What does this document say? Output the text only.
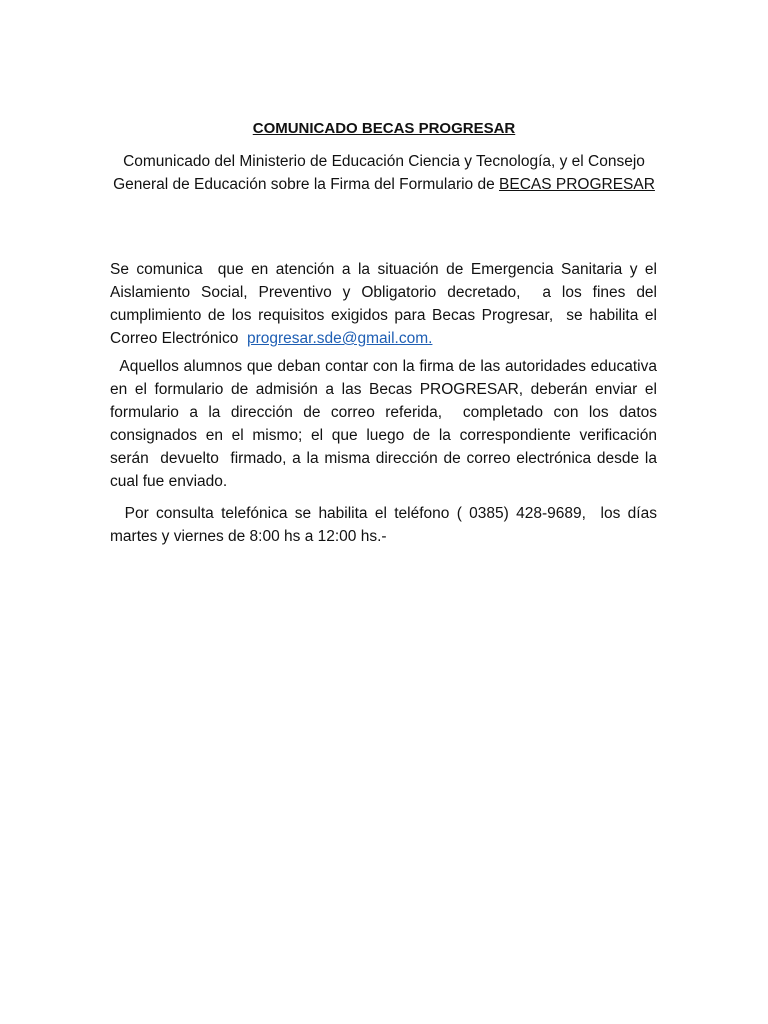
COMUNICADO BECAS PROGRESAR

Comunicado del Ministerio de Educación Ciencia y Tecnología, y el Consejo General de Educación sobre la Firma del Formulario de BECAS PROGRESAR

Se comunica  que en atención a la situación de Emergencia Sanitaria y el Aislamiento Social, Preventivo y Obligatorio decretado,  a los fines del cumplimiento de los requisitos exigidos para Becas Progresar,  se habilita el Correo Electrónico  progresar.sde@gmail.com.

Aquellos alumnos que deban contar con la firma de las autoridades educativa  en el formulario de admisión a las Becas PROGRESAR, deberán enviar el formulario a la dirección de correo referida,  completado con los datos consignados en el mismo; el que luego de la correspondiente verificación  serán  devuelto  firmado, a la misma dirección de correo electrónica desde la cual fue enviado.

Por consulta telefónica se habilita el teléfono ( 0385) 428-9689,  los días martes y viernes de 8:00 hs a 12:00 hs.-
